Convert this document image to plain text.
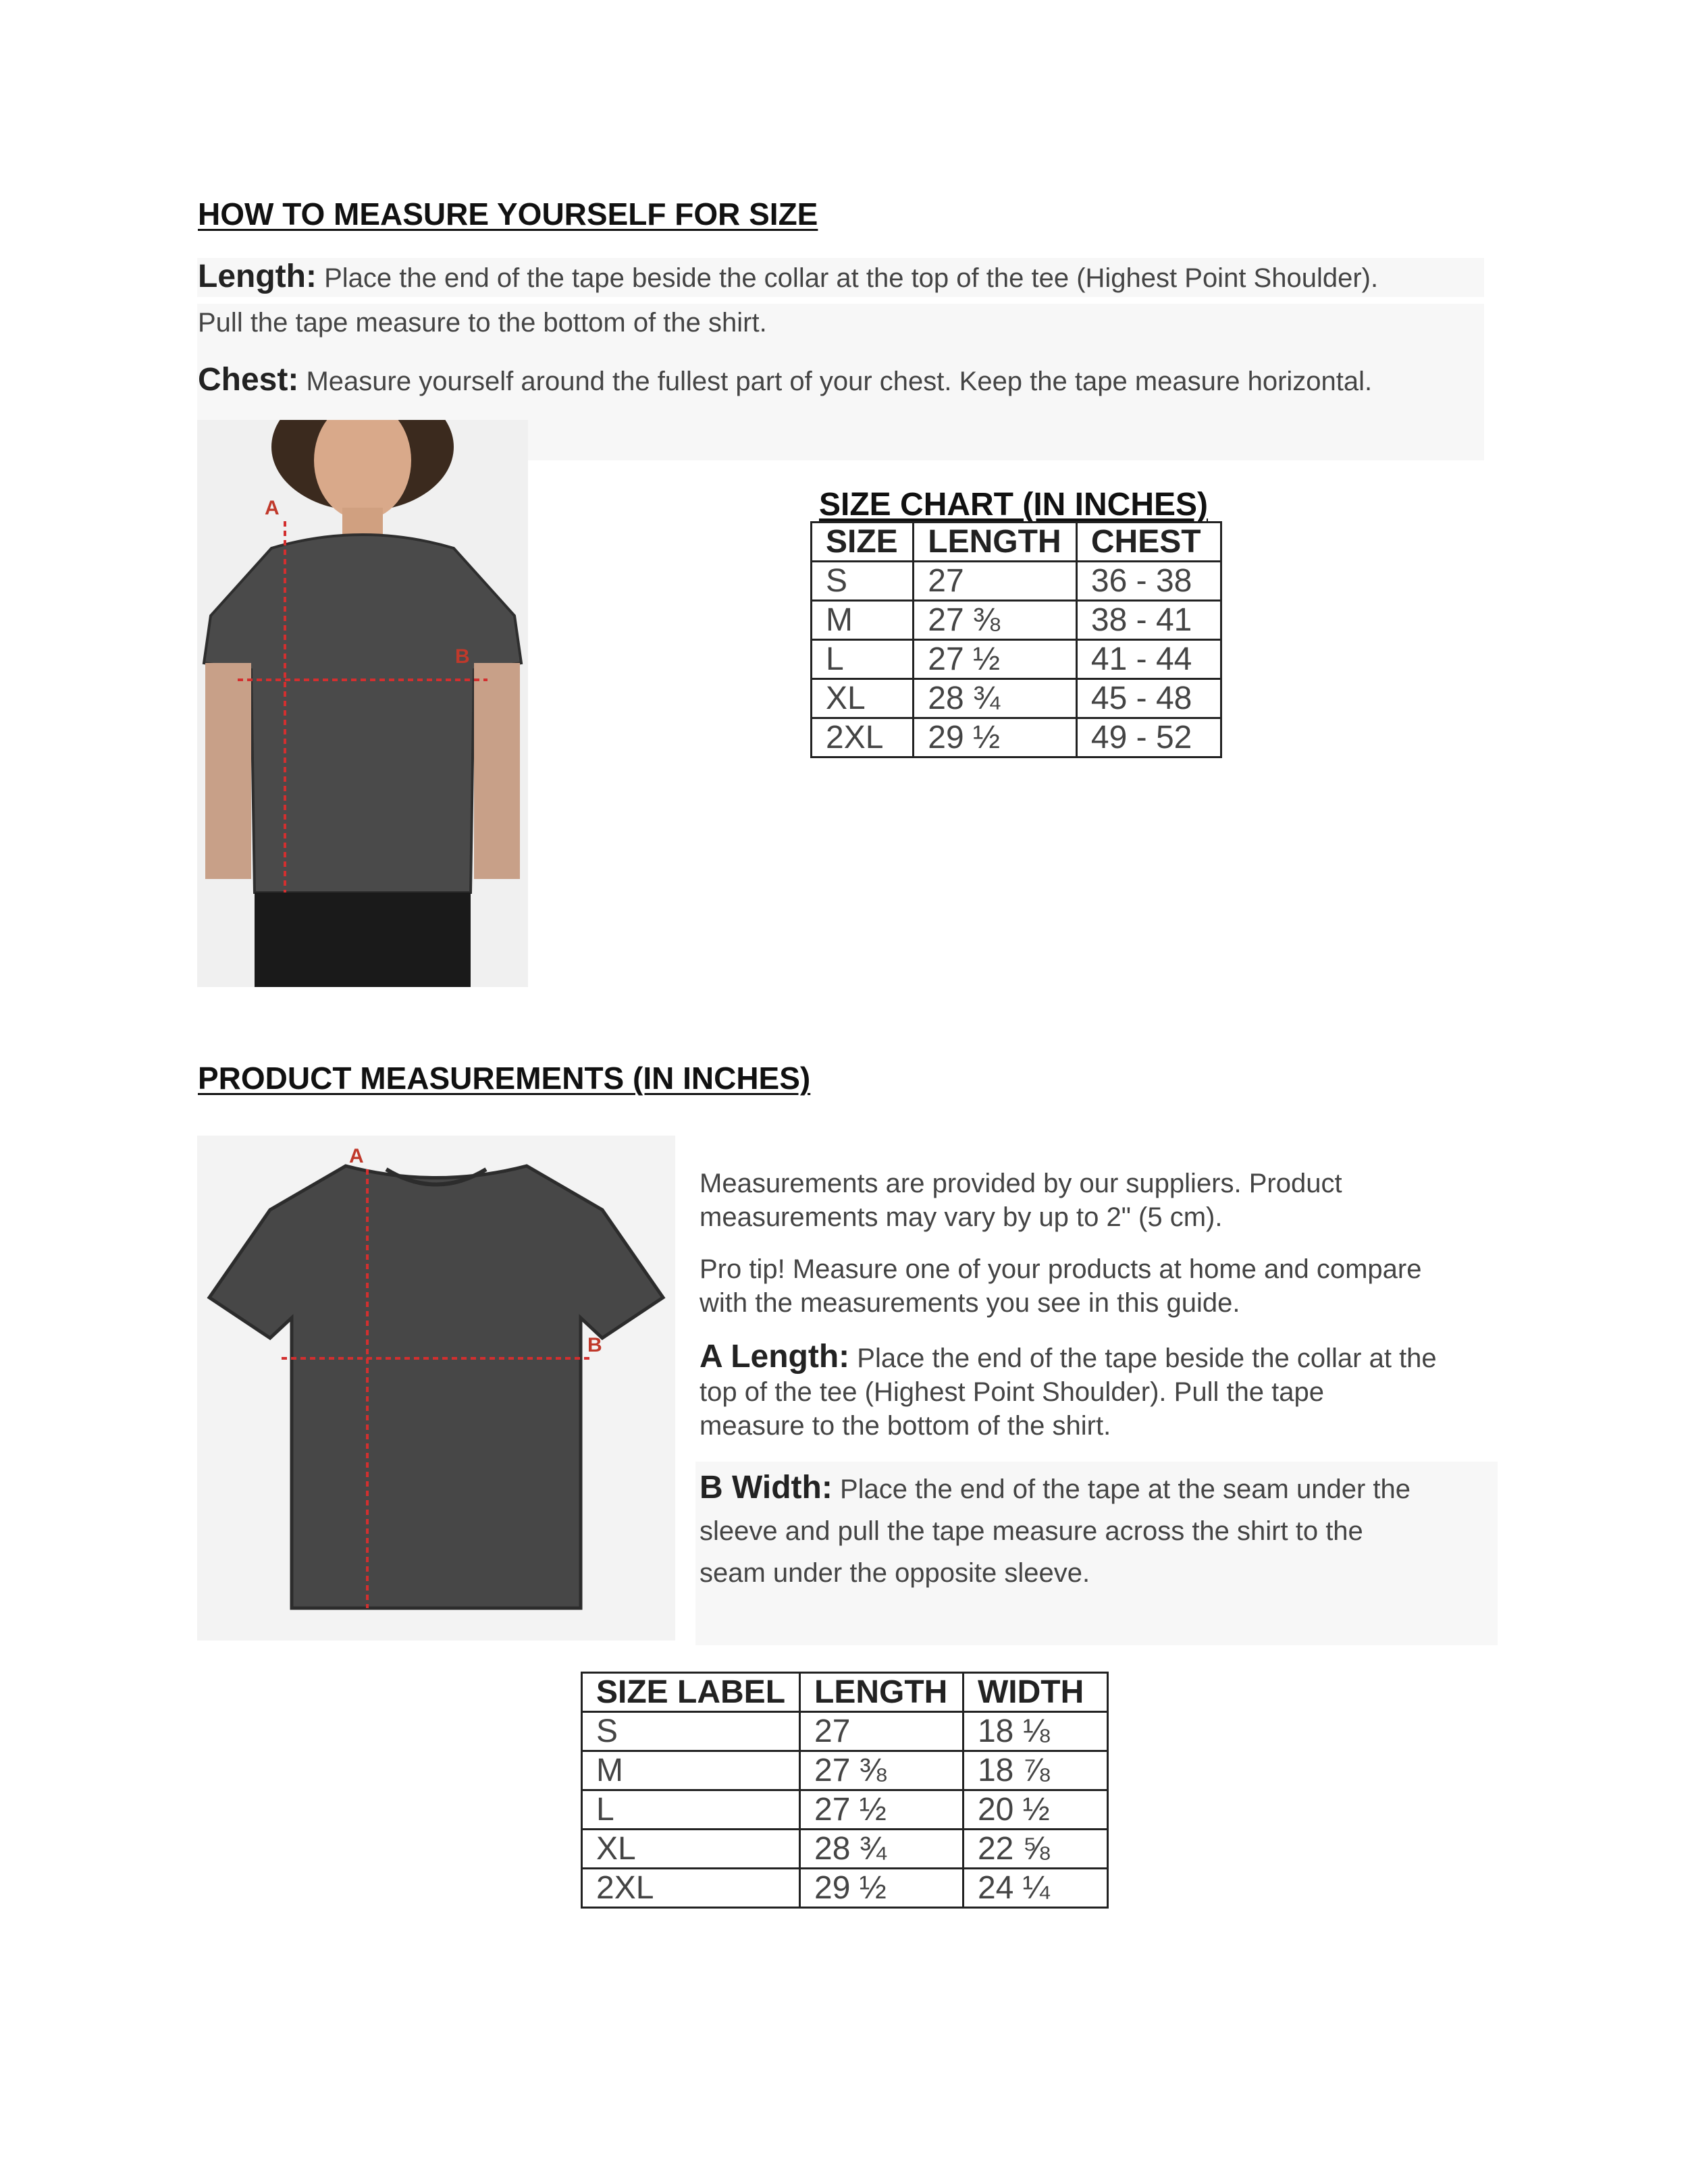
HOW TO MEASURE YOURSELF FOR SIZE
Length: Place the end of the tape beside the collar at the top of the tee (Highest Point Shoulder).
Pull the tape measure to the bottom of the shirt.
Chest: Measure yourself around the fullest part of your chest. Keep the tape measure horizontal.
A
B
SIZE CHART (IN INCHES)
SIZE	LENGTH	CHEST
S	27	36 - 38
M	27 ⅜	38 - 41
L	27 ½	41 - 44
XL	28 ¾	45 - 48
2XL	29 ½	49 - 52
PRODUCT MEASUREMENTS (IN INCHES)
A
B
Measurements are provided by our suppliers. Product
measurements may vary by up to 2" (5 cm).
Pro tip! Measure one of your products at home and compare
with the measurements you see in this guide.
A Length: Place the end of the tape beside the collar at the
top of the tee (Highest Point Shoulder). Pull the tape
measure to the bottom of the shirt.
B Width: Place the end of the tape at the seam under the
sleeve and pull the tape measure across the shirt to the
seam under the opposite sleeve.
SIZE LABEL	LENGTH	WIDTH
S	27	18 ⅛
M	27 ⅜	18 ⅞
L	27 ½	20 ½
XL	28 ¾	22 ⅝
2XL	29 ½	24 ¼
